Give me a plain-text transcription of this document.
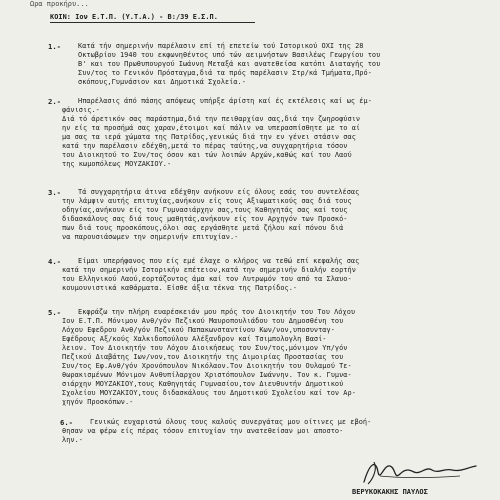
Ωρα προκήρυ...
ΚΟΙΝ: Ιον Ε.Τ.Π. (Υ.Τ.Α.) - Β:/39 Ε.Σ.Π.
1.- Κατά τήν σημερινήν παρέλασιν επί τή επετείω τού Ιστορικού ΟΧΙ της 28
Οκτωβρίου 1940 του εκφωνηθέντος υπό τών αειμνήστων Βασιλέως Γεωργίου του
Β' και του Πρωθυπουργού Ιωάννη Μεταξά και ανατεθείσα κατόπι Διαταγής του
Συν/τος το Γενικόν Πρόσταγμα,διά τα πρός παρέλασιν Στρ/κά Τμήματα,Πρό-
σκόπους,Γυμνάσιον και Δημοτικά Σχολεία.-
2.- Ηπαρέλασις άπό πάσης απόψεως υπήρξε άρίστη καί ές εκτέλεσις καί ως έμ-
φάνισις.-
Διά τό άρετικόν σας παράστημα,διά την πειθαρχίαν σας,διά την ζωηροφύσιν
ην είς τα προσήμά σας χαραν,έτοιμοι καί πάλιν να υπερασπίσθητε με το αί
μα σας τα ιερά χώματα της Πατρίδος,γενικώς διά την εν γένει στάσιν σας
κατά την παρέλασιν εδέχθη,μετά το πέρας ταύτης,να συγχαρητήρια τόσον
του Διοικητού το Συν/τος όσον και τών λοιπών Αρχών,καθώς καί του Λαού
της κωμοπόλεως ΜΟΥΖΑΚΙΟΥ.-
3.- Τά συγχαρητήρια άτινα εδέχθην ανήκουν είς όλους εσάς του συντελέσας
την λάμψιν αυτής επιτυχίας,ανήκουν είς τους Αξιωματικούς σας διά τους
οδηγίας,ανήκουν είς τον Γυμνασιάρχην σας,τους Καθηγητάς σας καί τους
διδασκάλους σας διά τους μαθητάς,ανήκουν είς τον Αρχηγόν των Προσκό-
πων διά τους προσκόπους,όλοι σας εργάσθητε μετά ζήλου καί πόνου διά
να παρουσιάσωμεν την σημερινήν επιτυχίαν.-
4.- Είμαι υπερήφανος που είς εμέ έλαχε ο κλήρος να τεθώ επί κεφαλής σας
κατά την σημερινήν Ιστορικήν επέτειον,κατά την σημερινήν διαλήν εορτήν
του Ελληνικού Λαού,εορτάζοντος άμα καί τον Λυτρωμόν του από τα Σλαυο-
κουμουνιστικά καθάρματα. Είσθε άξια τέκνα της Πατρίδος.-
5.- Εκφράζω την πλήρη ευαρέσκειάν μου πρός τον Διοικητήν του Του Λόχου
Ιον Ε.Τ.Π. Μόνιμον Ανθ/γόν Πεζικού Μαυροπουλιάδου του Δημοσθένη του
Λόχου Εφεδρου Ανθ/γόν Πεζικού Παπακωνσταντίνου Κων/νον,υποσυνταγ-
Εφέδρους Αξ/κούς Χαλκιδοπούλου Αλέξανδρον καί Τσιμπολογλη Βασί-
λειον. Τον Διοικητήν του Λόχου Διοικήσεως του Συν/τος,μόνιμον Υπ/γόν
Πεζικού Διαβάτης Ιων/νον,τον Διοικητήν της Διμοιρίας Προστασίας του
Συν/τος Εφ.Ανθ/γόν Χρονόπουλον Νικόλαον.Τον Διοικητήν του Ουλαμού Τε-
θωρακισμένων Μόνιμον Ανθυπίλαρχον Χριστόπουλον Ιωάννην. Τον κ. Γυμνα-
σιάρχην ΜΟΥΖΑΚΙΟΥ,τους Καθηγητάς Γυμνασίου,τον Διευθυντήν Δημοτικού
Σχολείου ΜΟΥΖΑΚΙΟΥ,τους διδασκάλους του Δημοτικού Σχολείου καί τον Αρ-
χηγόν Προσκόπων.-
6.- Γενικώς ευχαριστώ όλους τους καλούς συνεργάτας μου οίτινες με εβοή-
θησαν να φέρω είς πέρας τόσον επιτυχίαν την ανατεθείσαν μοι αποστο-
λην.-
ΒΕΡΥΚΟΚΑΚΗΣ ΠΑΥΛΟΣ
